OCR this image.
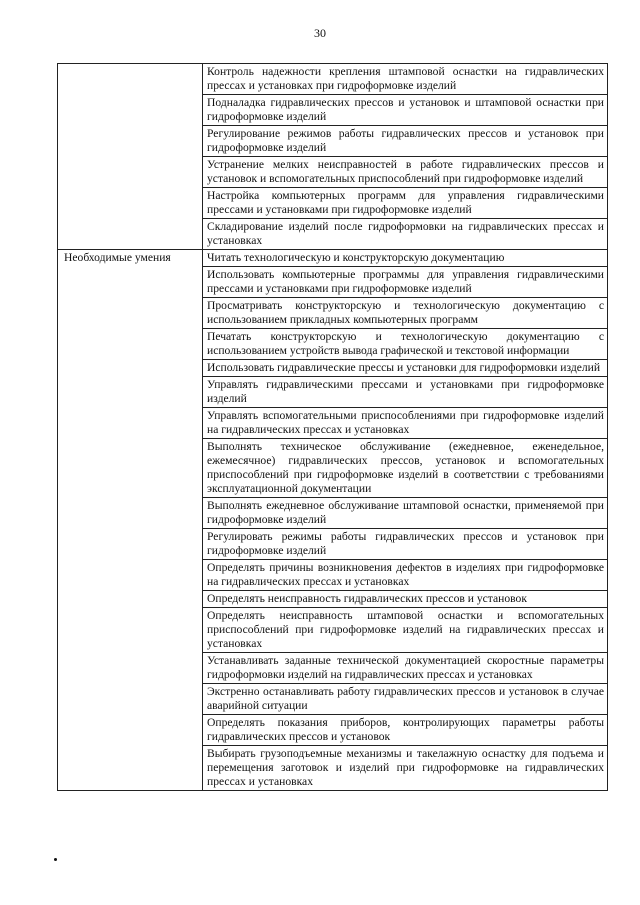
30
	Контроль надежности крепления штамповой оснастки на гидравлических прессах и установках при гидроформовке изделий
	Подналадка гидравлических прессов и установок и штамповой оснастки при гидроформовке изделий
	Регулирование режимов работы гидравлических прессов и установок при гидроформовке изделий
	Устранение мелких неисправностей в работе гидравлических прессов и установок и вспомогательных приспособлений при гидроформовке изделий
	Настройка компьютерных программ для управления гидравлическими прессами и установками при гидроформовке изделий
	Складирование изделий после гидроформовки на гидравлических прессах и установках
Необходимые умения	Читать технологическую и конструкторскую документацию
	Использовать компьютерные программы для управления гидравлическими прессами и установками при гидроформовке изделий
	Просматривать конструкторскую и технологическую документацию с использованием прикладных компьютерных программ
	Печатать конструкторскую и технологическую документацию с использованием устройств вывода графической и текстовой информации
	Использовать гидравлические прессы и установки для гидроформовки изделий
	Управлять гидравлическими прессами и установками при гидроформовке изделий
	Управлять вспомогательными приспособлениями при гидроформовке изделий на гидравлических прессах и установках
	Выполнять техническое обслуживание (ежедневное, еженедельное, ежемесячное) гидравлических прессов, установок и вспомогательных приспособлений при гидроформовке изделий в соответствии с требованиями эксплуатационной документации
	Выполнять ежедневное обслуживание штамповой оснастки, применяемой при гидроформовке изделий
	Регулировать режимы работы гидравлических прессов и установок при гидроформовке изделий
	Определять причины возникновения дефектов в изделиях при гидроформовке на гидравлических прессах и установках
	Определять неисправность гидравлических прессов и установок
	Определять неисправность штамповой оснастки и вспомогательных приспособлений при гидроформовке изделий на гидравлических прессах и установках
	Устанавливать заданные технической документацией скоростные параметры гидроформовки изделий на гидравлических прессах и установках
	Экстренно останавливать работу гидравлических прессов и установок в случае аварийной ситуации
	Определять показания приборов, контролирующих параметры работы гидравлических прессов и установок
	Выбирать грузоподъемные механизмы и такелажную оснастку для подъема и перемещения заготовок и изделий при гидроформовке на гидравлических прессах и установках
